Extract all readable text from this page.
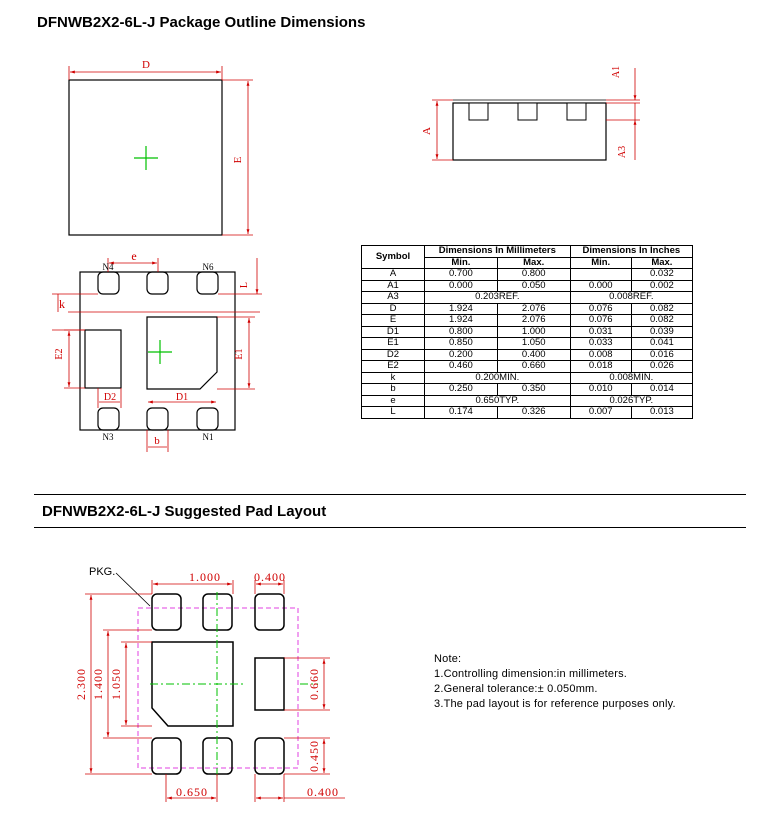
DFNWB2X2-6L-J Package Outline Dimensions
DFNWB2X2-6L-J Suggested Pad Layout
D
E
A
A1
A3
e
N4	N6
k
L
E2	E1
D2	D1
b
N3	N1
PKG.	1.000	0.400
2.300 1.400 1.050	0.660
0.450
0.650	0.400
Symbol	Dimensions In Millimeters		Dimensions In Inches	
	Min.	Max.	Min.	Max.
A	0.700	0.800		0.032
A1	0.000	0.050	0.000	0.002
A3	0.203REF.		0.008REF.	
D	1.924	2.076	0.076	0.082
E	1.924	2.076	0.076	0.082
D1	0.800	1.000	0.031	0.039
E1	0.850	1.050	0.033	0.041
D2	0.200	0.400	0.008	0.016
E2	0.460	0.660	0.018	0.026
k	0.200MIN.		0.008MIN.	
b	0.250	0.350	0.010	0.014
e	0.650TYP.		0.026TYP.	
L	0.174	0.326	0.007	0.013
Note:
1.Controlling dimension:in millimeters.
2.General tolerance:± 0.050mm.
3.The pad layout is for reference purposes only.
